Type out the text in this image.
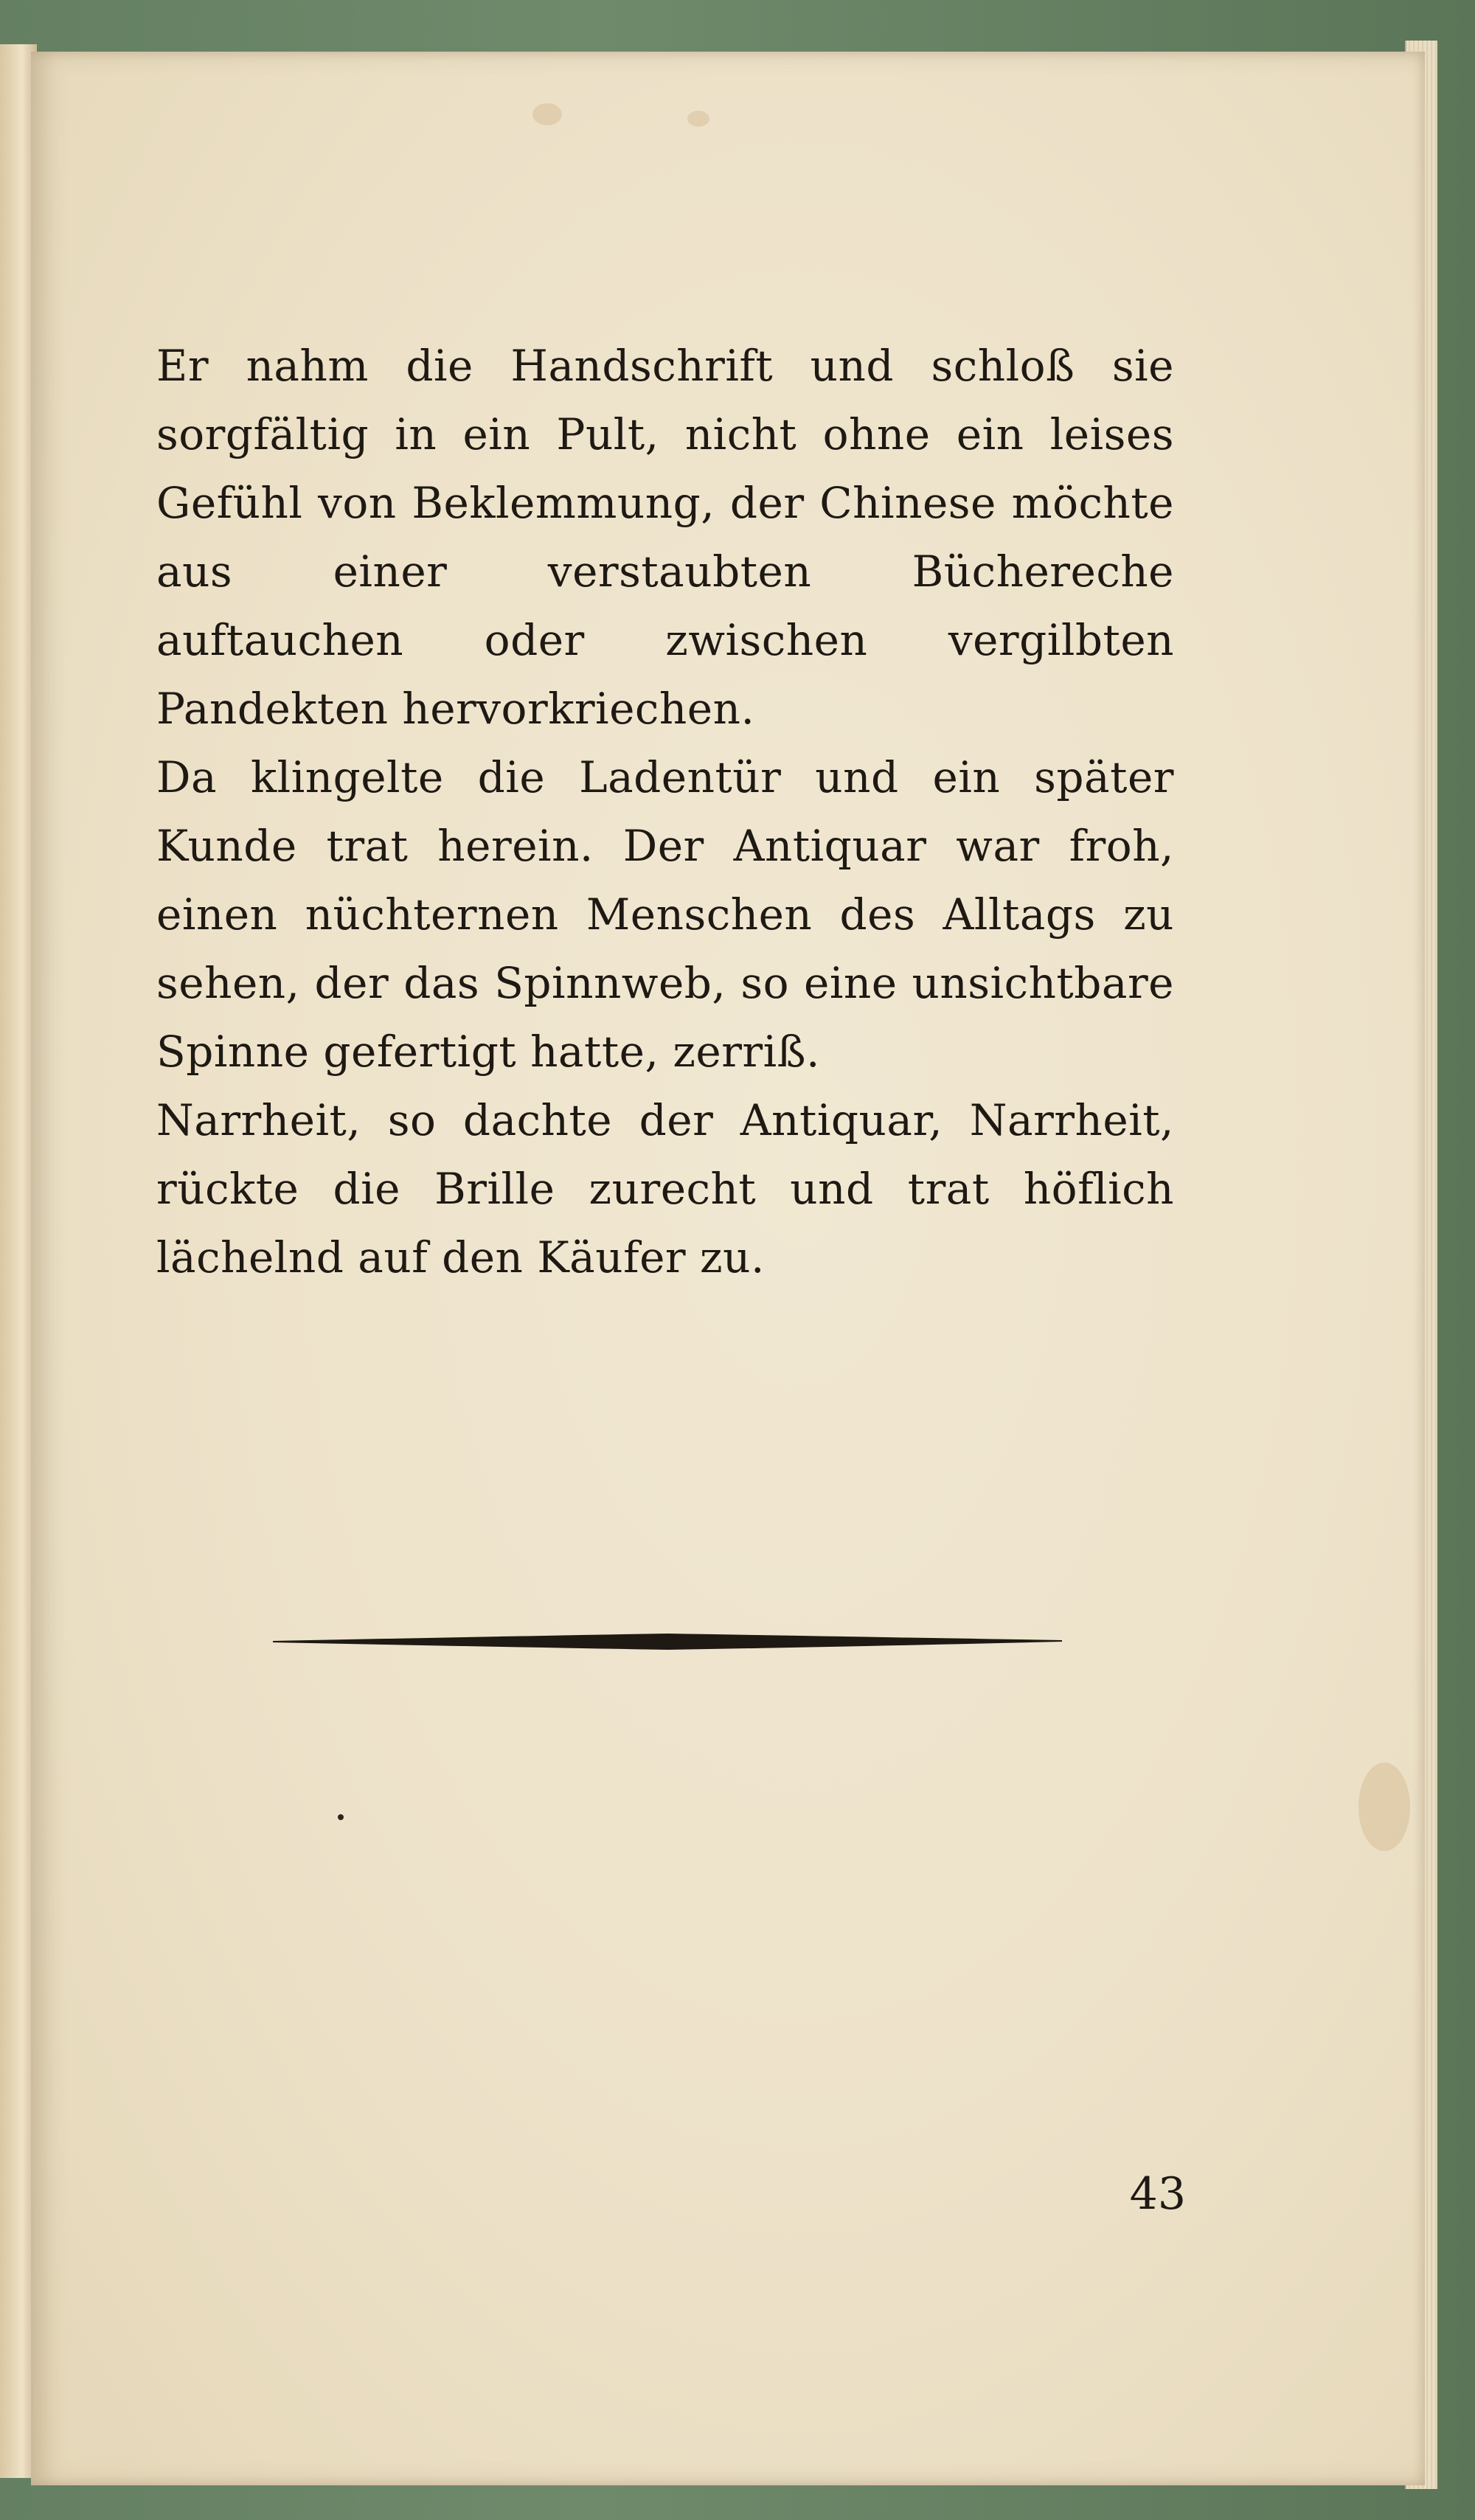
Er nahm die Handschrift und schloß sie sorgfältig in ein Pult, nicht ohne ein leises Gefühl von Beklemmung, der Chinese möchte aus einer verstaubten Büchereche auftauchen oder zwischen vergilbten Pandekten hervorkriechen.

Da klingelte die Ladentür und ein später Kunde trat herein. Der Antiquar war froh, einen nüchternen Menschen des Alltags zu sehen, der das Spinnweb, so eine unsichtbare Spinne gefertigt hatte, zerriß.

Narrheit, so dachte der Antiquar, Narrheit, rückte die Brille zurecht und trat höflich lächelnd auf den Käufer zu.

43
